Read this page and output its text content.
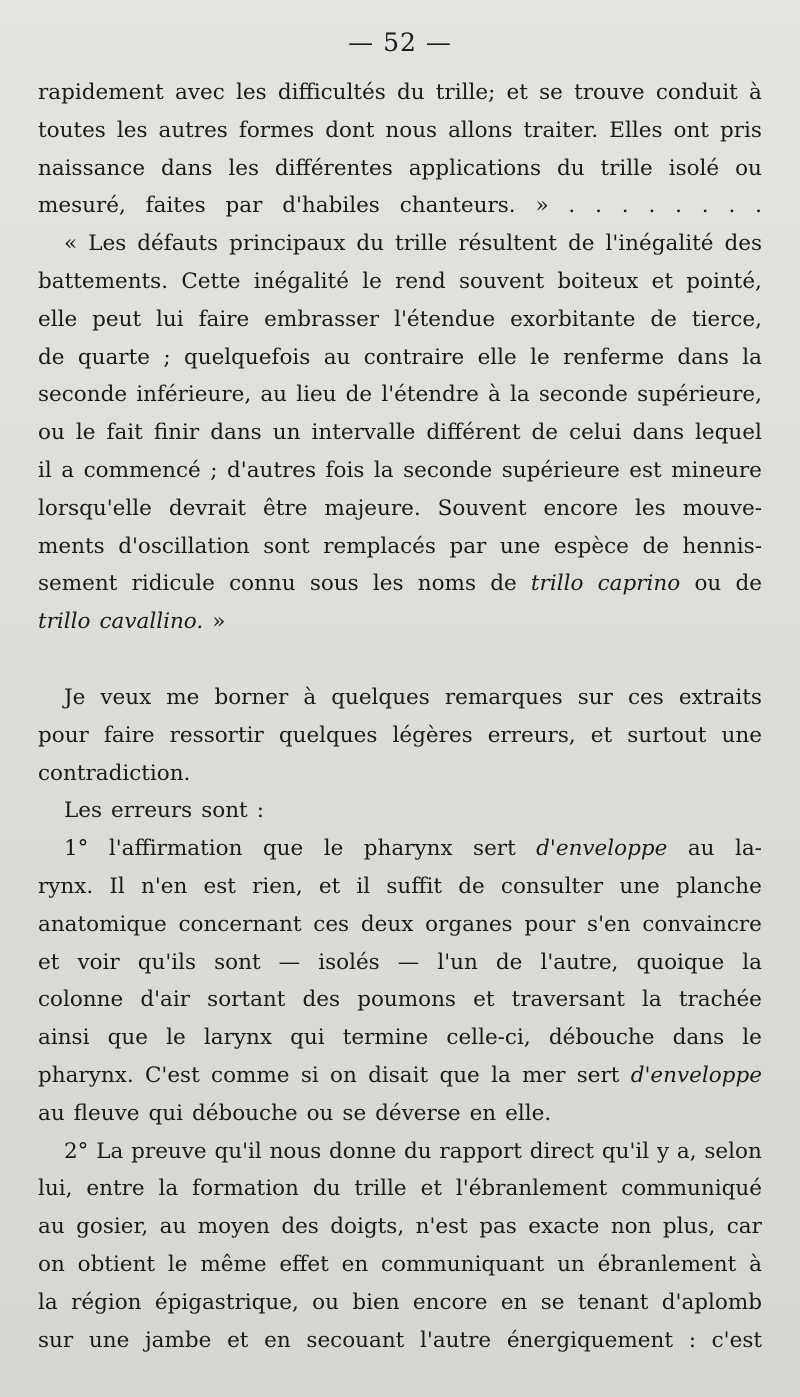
— 52 —
rapidement avec les difficultés du trille; et se trouve conduit à
toutes les autres formes dont nous allons traiter. Elles ont pris
naissance dans les différentes applications du trille isolé ou
mesuré, faites par d'habiles chanteurs. » . . . . . . . .
« Les défauts principaux du trille résultent de l'inégalité des
battements. Cette inégalité le rend souvent boiteux et pointé,
elle peut lui faire embrasser l'étendue exorbitante de tierce,
de quarte ; quelquefois au contraire elle le renferme dans la
seconde inférieure, au lieu de l'étendre à la seconde supérieure,
ou le fait finir dans un intervalle différent de celui dans lequel
il a commencé ; d'autres fois la seconde supérieure est mineure
lorsqu'elle devrait être majeure. Souvent encore les mouve-
ments d'oscillation sont remplacés par une espèce de hennis-
sement ridicule connu sous les noms de trillo caprino ou de
trillo cavallino. »
Je veux me borner à quelques remarques sur ces extraits
pour faire ressortir quelques légères erreurs, et surtout une
contradiction.
Les erreurs sont :
1° l'affirmation que le pharynx sert d'enveloppe au la-
rynx. Il n'en est rien, et il suffit de consulter une planche
anatomique concernant ces deux organes pour s'en convaincre
et voir qu'ils sont — isolés — l'un de l'autre, quoique la
colonne d'air sortant des poumons et traversant la trachée
ainsi que le larynx qui termine celle-ci, débouche dans le
pharynx. C'est comme si on disait que la mer sert d'enveloppe
au fleuve qui débouche ou se déverse en elle.
2° La preuve qu'il nous donne du rapport direct qu'il y a, selon
lui, entre la formation du trille et l'ébranlement communiqué
au gosier, au moyen des doigts, n'est pas exacte non plus, car
on obtient le même effet en communiquant un ébranlement à
la région épigastrique, ou bien encore en se tenant d'aplomb
sur une jambe et en secouant l'autre énergiquement : c'est
